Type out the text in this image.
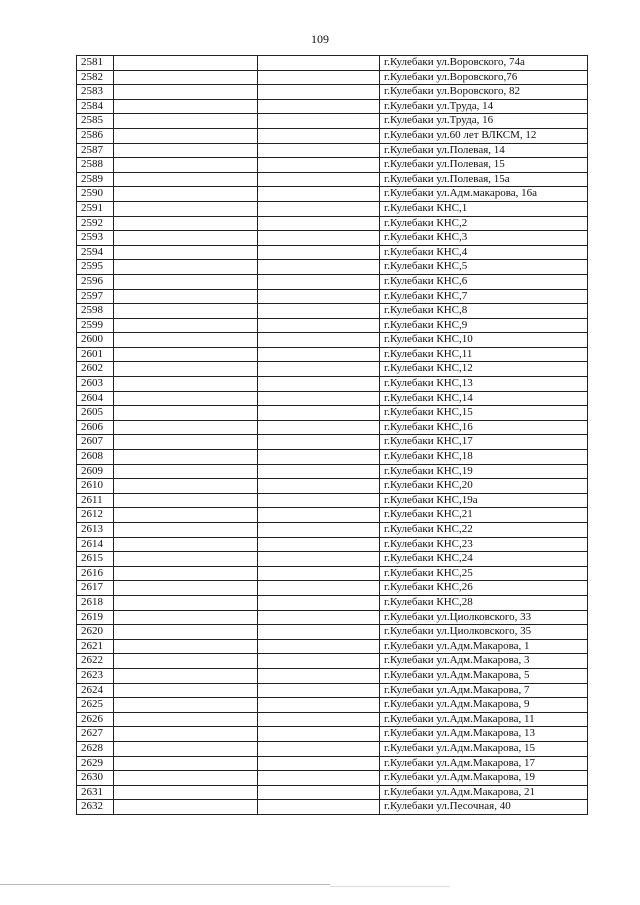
109
2581			г.Кулебаки ул.Воровского, 74а
2582			г.Кулебаки ул.Воровского,76
2583			г.Кулебаки ул.Воровского, 82
2584			г.Кулебаки ул.Труда, 14
2585			г.Кулебаки ул.Труда, 16
2586			г.Кулебаки ул.60 лет ВЛКСМ, 12
2587			г.Кулебаки ул.Полевая, 14
2588			г.Кулебаки ул.Полевая, 15
2589			г.Кулебаки ул.Полевая, 15а
2590			г.Кулебаки ул.Адм.макарова, 16а
2591			г.Кулебаки КНС,1
2592			г.Кулебаки КНС,2
2593			г.Кулебаки КНС,3
2594			г.Кулебаки КНС,4
2595			г.Кулебаки КНС,5
2596			г.Кулебаки КНС,6
2597			г.Кулебаки КНС,7
2598			г.Кулебаки КНС,8
2599			г.Кулебаки КНС,9
2600			г.Кулебаки КНС,10
2601			г.Кулебаки КНС,11
2602			г.Кулебаки КНС,12
2603			г.Кулебаки КНС,13
2604			г.Кулебаки КНС,14
2605			г.Кулебаки КНС,15
2606			г.Кулебаки КНС,16
2607			г.Кулебаки КНС,17
2608			г.Кулебаки КНС,18
2609			г.Кулебаки КНС,19
2610			г.Кулебаки КНС,20
2611			г.Кулебаки КНС,19а
2612			г.Кулебаки КНС,21
2613			г.Кулебаки КНС,22
2614			г.Кулебаки КНС,23
2615			г.Кулебаки КНС,24
2616			г.Кулебаки КНС,25
2617			г.Кулебаки КНС,26
2618			г.Кулебаки КНС,28
2619			г.Кулебаки ул.Циолковского, 33
2620			г.Кулебаки ул.Циолковского, 35
2621			г.Кулебаки ул.Адм.Макарова, 1
2622			г.Кулебаки ул.Адм.Макарова, 3
2623			г.Кулебаки ул.Адм.Макарова, 5
2624			г.Кулебаки ул.Адм.Макарова, 7
2625			г.Кулебаки ул.Адм.Макарова, 9
2626			г.Кулебаки ул.Адм.Макарова, 11
2627			г.Кулебаки ул.Адм.Макарова, 13
2628			г.Кулебаки ул.Адм.Макарова, 15
2629			г.Кулебаки ул.Адм.Макарова, 17
2630			г.Кулебаки ул.Адм.Макарова, 19
2631			г.Кулебаки ул.Адм.Макарова, 21
2632			г.Кулебаки ул.Песочная, 40
